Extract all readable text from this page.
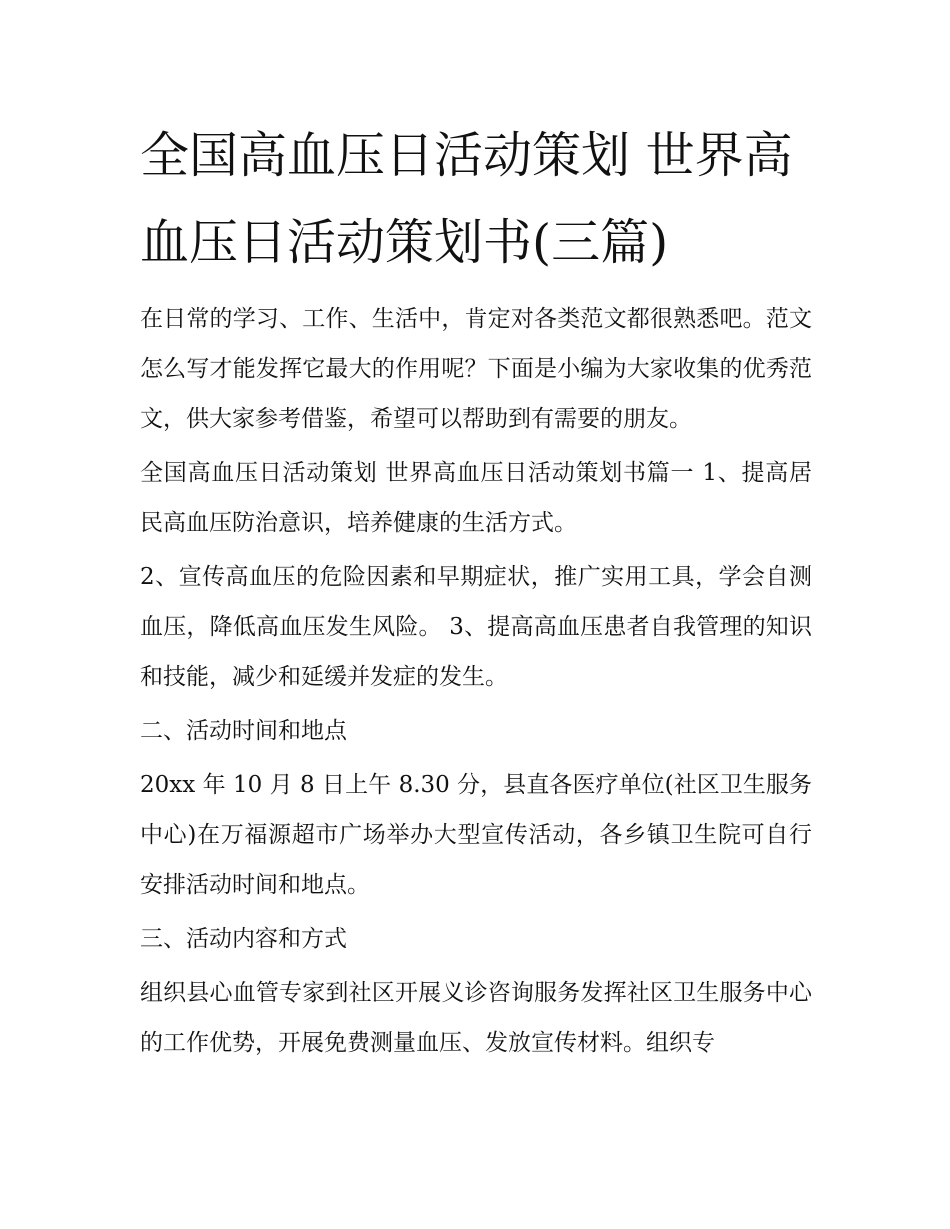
全国高血压日活动策划 世界高血压日活动策划书(三篇)

在日常的学习、工作、生活中，肯定对各类范文都很熟悉吧。范文怎么写才能发挥它最大的作用呢？下面是小编为大家收集的优秀范文，供大家参考借鉴，希望可以帮助到有需要的朋友。

全国高血压日活动策划 世界高血压日活动策划书篇一 1、提高居民高血压防治意识，培养健康的生活方式。

2、宣传高血压的危险因素和早期症状，推广实用工具，学会自测血压，降低高血压发生风险。 3、提高高血压患者自我管理的知识和技能，减少和延缓并发症的发生。

二、活动时间和地点

20xx 年 10 月 8 日上午 8.30 分，县直各医疗单位(社区卫生服务中心)在万福源超市广场举办大型宣传活动，各乡镇卫生院可自行安排活动时间和地点。

三、活动内容和方式

组织县心血管专家到社区开展义诊咨询服务发挥社区卫生服务中心的工作优势，开展免费测量血压、发放宣传材料。组织专
